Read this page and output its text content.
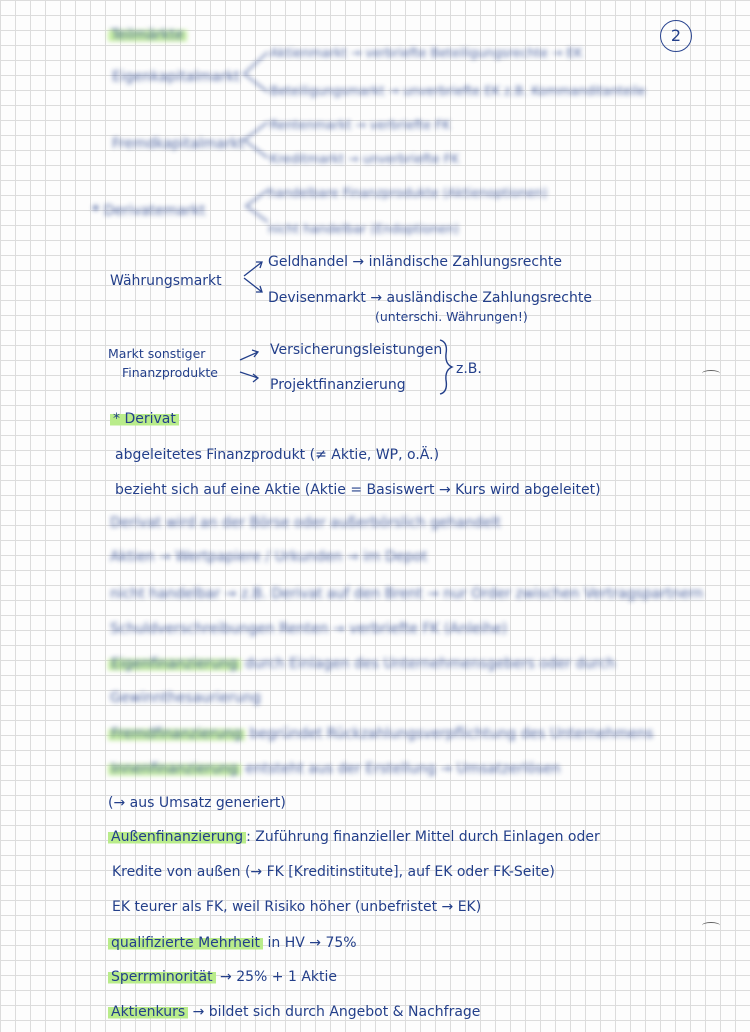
2
Teilmärkte
Eigenkapitalmarkt
Aktienmarkt → verbriefte Beteiligungsrechte → EK
Beteiligungsmarkt → unverbriefte EK z.B. Kommanditanteile
Fremdkapitalmarkt
Rentenmarkt → verbriefte FK
Kreditmarkt → unverbriefte FK
* Derivatemarkt
handelbare Finanzprodukte (Aktienoptionen)
nicht handelbar (Endoptionen)
Währungsmarkt
Geldhandel → inländische Zahlungsrechte
Devisenmarkt → ausländische Zahlungsrechte
(unterschi. Währungen!)
Markt sonstiger
Finanzprodukte
Versicherungsleistungen
Projektfinanzierung
z.B.
* Derivat
abgeleitetes Finanzprodukt (≠ Aktie, WP, o.Ä.)
bezieht sich auf eine Aktie (Aktie = Basiswert → Kurs wird abgeleitet)
Derivat wird an der Börse oder außerbörslich gehandelt
Aktien → Wertpapiere / Urkunden → im Depot
nicht handelbar → z.B. Derivat auf den Brent → nur Order zwischen Vertragspartnern
Schuldverschreibungen Renten → verbriefte FK (Anleihe)
Eigenfinanzierung durch Einlagen des Unternehmensgebers oder durch
Gewinnthesaurierung
Fremdfinanzierung begründet Rückzahlungsverpflichtung des Unternehmens
Innenfinanzierung entsteht aus der Erstellung → Umsatzerlösen
(→ aus Umsatz generiert)
Außenfinanzierung : Zuführung finanzieller Mittel durch Einlagen oder
Kredite von außen (→ FK [Kreditinstitute], auf EK oder FK-Seite)
EK teurer als FK, weil Risiko höher (unbefristet → EK)
qualifizierte Mehrheit in HV → 75%
Sperrminorität → 25% + 1 Aktie
Aktienkurs → bildet sich durch Angebot & Nachfrage
